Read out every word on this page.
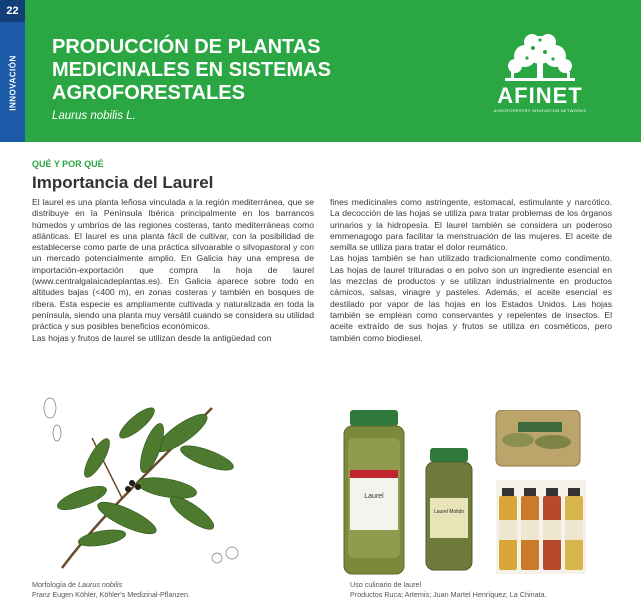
22
INNOVACIÓN
PRODUCCIÓN DE PLANTAS
MEDICINALES EN SISTEMAS
AGROFORESTALES
Laurus nobilis L.
AFINET
AGROFORESTRY INNOVATION NETWORKS
QUÉ Y POR QUÉ
Importancia del Laurel

El laurel es una planta leñosa vinculada a la región mediterránea, que se distribuye en la Península Ibérica principalmente en los barrancos húmedos y umbríos de las regiones costeras, tanto mediterráneas como atlánticas. El laurel es una planta fácil de cultivar, con la posibilidad de establecerse como parte de una práctica silvoarable o silvopastoral y con un mercado potencialmente amplio. En Galicia hay una empresa de importación-exportación que compra la hoja de laurel (www.centralgalaicadeplantas.es). En Galicia aparece sobre todo en altitudes bajas (<400 m), en zonas costeras y también en bosques de ribera. Esta especie es ampliamente cultivada y naturalizada en toda la península, siendo una planta muy versátil cuando se considera su utilidad práctica y sus posibles beneficios económicos.

Las hojas y frutos de laurel se utilizan desde la antigüedad con

fines medicinales como astringente, estomacal, estimulante y narcótico. La decocción de las hojas se utiliza para tratar problemas de los órganos urinarios y la hidropesía. El laurel también se considera un poderoso emmenagogo para facilitar la menstruación de las mujeres. El aceite de semilla se utiliza para tratar el dolor reumático.

Las hojas también se han utilizado tradicionalmente como condimento. Las hojas de laurel trituradas o en polvo son un ingrediente esencial en las mezclas de productos y se utilizan industrialmente en productos cárnicos, salsas, vinagre y pasteles. Además, el aceite esencial es destilado por vapor de las hojas en los Estados Unidos. Las hojas también se emplean como conservantes y repelentes de insectos. El aceite extraído de sus hojas y frutos se utiliza en cosméticos, pero también como biodiesel.

Laurel
Laurel Molido
Morfología de Laurus nobilis
Franz Eugen Köhler, Köhler's Medizinal-Pflanzen.
Uso culinario de laurel
Productos Ruca; Artemis; Juan Martel Henríquez; La Chinata.
